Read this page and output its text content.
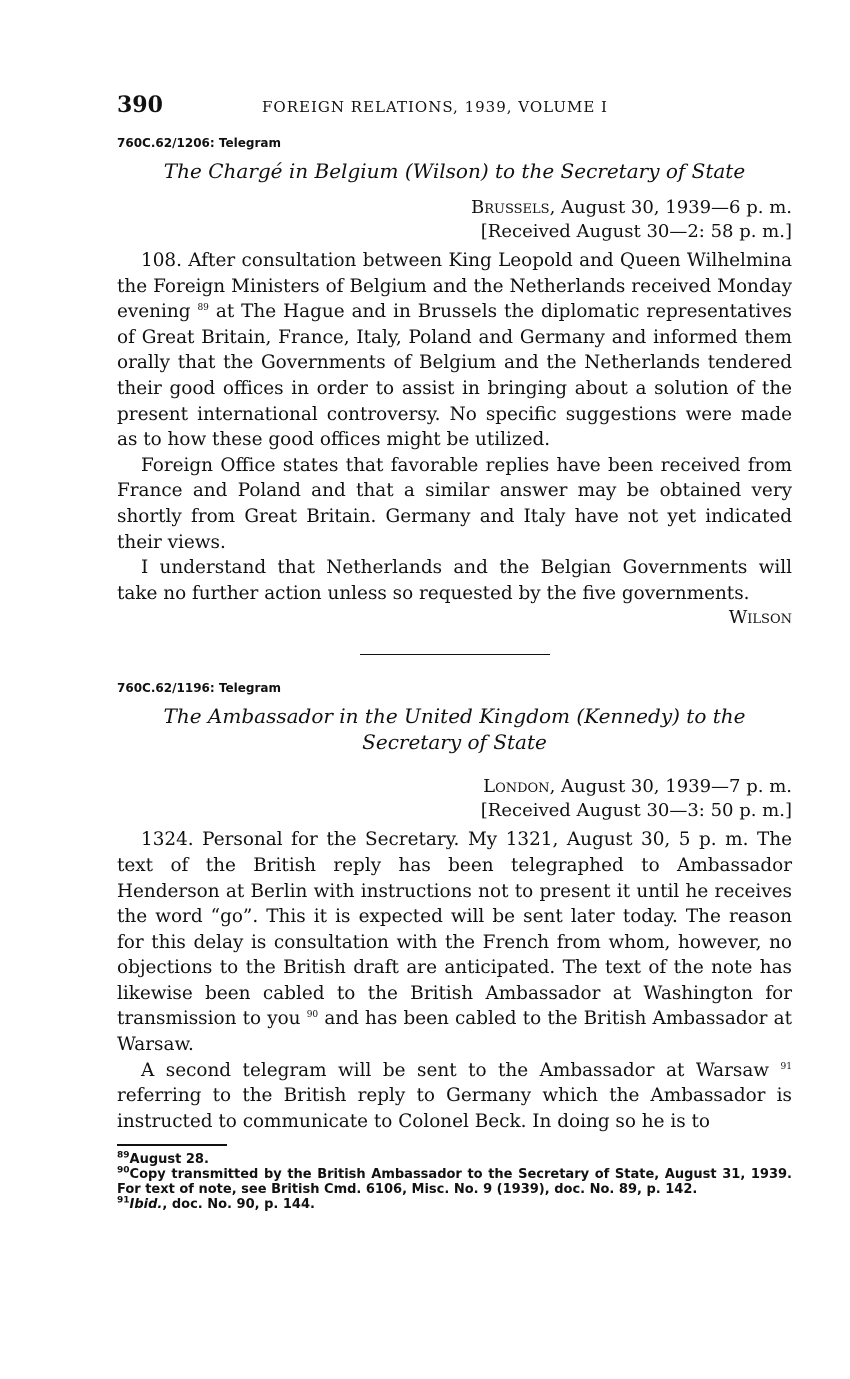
390	FOREIGN RELATIONS, 1939, VOLUME I
760C.62/1206: Telegram
The Chargé in Belgium (Wilson) to the Secretary of State
Brussels, August 30, 1939—6 p. m.
[Received August 30—2: 58 p. m.]

108. After consultation between King Leopold and Queen Wilhelmina the Foreign Ministers of Belgium and the Netherlands received Monday evening $^{89}$ at The Hague and in Brussels the diplomatic representatives of Great Britain, France, Italy, Poland and Germany and informed them orally that the Governments of Belgium and the Netherlands tendered their good offices in order to assist in bringing about a solution of the present international controversy. No specific suggestions were made as to how these good offices might be utilized.

Foreign Office states that favorable replies have been received from France and Poland and that a similar answer may be obtained very shortly from Great Britain. Germany and Italy have not yet indicated their views.

I understand that Netherlands and the Belgian Governments will take no further action unless so requested by the five governments.

Wilson
760C.62/1196: Telegram
The Ambassador in the United Kingdom (Kennedy) to the
Secretary of State
London, August 30, 1939—7 p. m.
[Received August 30—3: 50 p. m.]

1324. Personal for the Secretary. My 1321, August 30, 5 p. m. The text of the British reply has been telegraphed to Ambassador Henderson at Berlin with instructions not to present it until he receives the word “go”. This it is expected will be sent later today. The reason for this delay is consultation with the French from whom, however, no objections to the British draft are anticipated. The text of the note has likewise been cabled to the British Ambassador at Washington for transmission to you $^{90}$ and has been cabled to the British Ambassador at Warsaw.

A second telegram will be sent to the Ambassador at Warsaw $^{91}$ referring to the British reply to Germany which the Ambassador is instructed to communicate to Colonel Beck. In doing so he is to

$^{89}$August 28.
$^{90}$Copy transmitted by the British Ambassador to the Secretary of State, August 31, 1939. For text of note, see British Cmd. 6106, Misc. No. 9 (1939), doc. No. 89, p. 142.
$^{91}$Ibid., doc. No. 90, p. 144.
